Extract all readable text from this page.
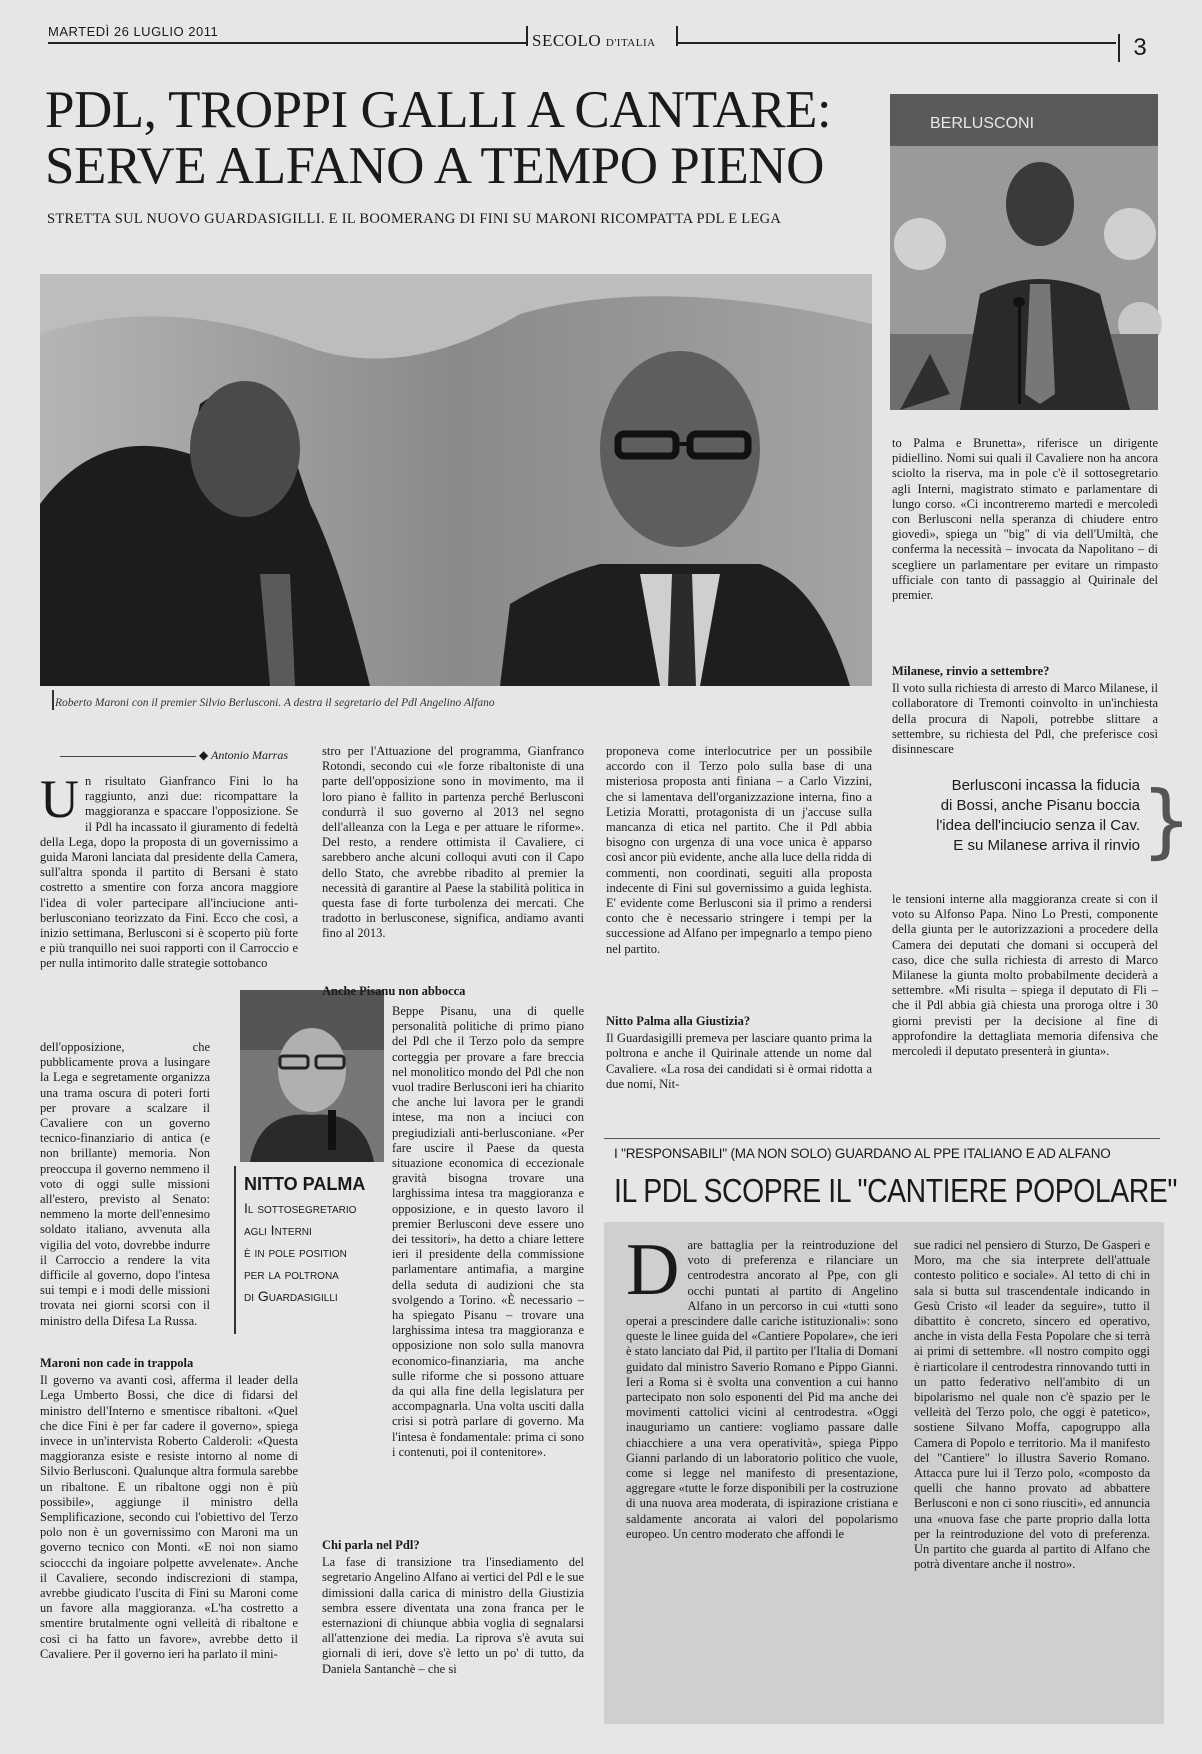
MARTEDÌ 26 LUGLIO 2011	SECOLO D'ITALIA	3
PDL, TROPPI GALLI A CANTARE:
SERVE ALFANO A TEMPO PIENO
STRETTA SUL NUOVO GUARDASIGILLI. E IL BOOMERANG DI FINI SU MARONI RICOMPATTA PDL E LEGA
BERLUSCONI
Roberto Maroni con il premier Silvio Berlusconi. A destra il segretario del Pdl Angelino Alfano
◆ Antonio Marras
U n risultato Gianfranco Fini lo ha raggiunto, anzi due: ricompattare la maggioranza e spaccare l'opposizione. Se il Pdl ha incassato il giuramento di fedeltà della Lega, dopo la proposta di un governissimo a guida Maroni lanciata dal presidente della Camera, sull'altra sponda il partito di Bersani è stato costretto a smentire con forza ancora maggiore l'idea di voler partecipare all'inciucione anti-berlusconiano teorizzato da Fini. Ecco che così, a inizio settimana, Berlusconi si è scoperto più forte e più tranquillo nei suoi rapporti con il Carroccio e per nulla intimorito dalle strategie sottobanco

dell'opposizione, che pubblicamente prova a lusingare la Lega e segretamente organizza una trama oscura di poteri forti per provare a scalzare il Cavaliere con un governo tecnico-finanziario di antica (e non brillante) memoria. Non preoccupa il governo nemmeno il voto di oggi sulle missioni all'estero, previsto al Senato: nemmeno la morte dell'ennesimo soldato italiano, avvenuta alla vigilia del voto, dovrebbe indurre il Carroccio a rendere la vita difficile al governo, dopo l'intesa sui tempi e i modi delle missioni trovata nei giorni scorsi con il ministro della Difesa La Russa.

Maroni non cade in trappola

Il governo va avanti così, afferma il leader della Lega Umberto Bossi, che dice di fidarsi del ministro dell'Interno e smentisce ribaltoni. «Quel che dice Fini è per far cadere il governo», spiega invece in un'intervista Roberto Calderoli: «Questa maggioranza esiste e resiste intorno al nome di Silvio Berlusconi. Qualunque altra formula sarebbe un ribaltone. E un ribaltone oggi non è più possibile», aggiunge il ministro della Semplificazione, secondo cui l'obiettivo del Terzo polo non è un governissimo con Maroni ma un governo tecnico con Monti. «E noi non siamo scioccchi da ingoiare polpette avvelenate». Anche il Cavaliere, secondo indiscrezioni di stampa, avrebbe giudicato l'uscita di Fini su Maroni come un favore alla maggioranza. «L'ha costretto a smentire brutalmente ogni velleità di ribaltone e così ci ha fatto un favore», avrebbe detto il Cavaliere. Per il governo ieri ha parlato il mini-

NITTO PALMA
Il sottosegretario
agli Interni
è in pole position
per la poltrona
di Guardasigilli

stro per l'Attuazione del programma, Gianfranco Rotondi, secondo cui «le forze ribaltoniste di una parte dell'opposizione sono in movimento, ma il loro piano è fallito in partenza perché Berlusconi condurrà il suo governo al 2013 nel segno dell'alleanza con la Lega e per attuare le riforme». Del resto, a rendere ottimista il Cavaliere, ci sarebbero anche alcuni colloqui avuti con il Capo dello Stato, che avrebbe ribadito al premier la necessità di garantire al Paese la stabilità politica in questa fase di forte turbolenza dei mercati. Che tradotto in berlusconese, significa, andiamo avanti fino al 2013.

Anche Pisanu non abbocca

Beppe Pisanu, una di quelle personalità politiche di primo piano del Pdl che il Terzo polo da sempre corteggia per provare a fare breccia nel monolitico mondo del Pdl che non vuol tradire Berlusconi ieri ha chiarito che anche lui lavora per le grandi intese, ma non a inciuci con pregiudiziali anti-berlusconiane. «Per fare uscire il Paese da questa situazione economica di eccezionale gravità bisogna trovare una larghissima intesa tra maggioranza e opposizione, e in questo lavoro il premier Berlusconi deve essere uno dei tessitori», ha detto a chiare lettere ieri il presidente della commissione parlamentare antimafia, a margine della seduta di audizioni che sta svolgendo a Torino. «È necessario – ha spiegato Pisanu – trovare una larghissima intesa tra maggioranza e opposizione non solo sulla manovra economico-finanziaria, ma anche sulle riforme che si possono attuare da qui alla fine della legislatura per accompagnarla. Una volta usciti dalla crisi si potrà parlare di governo. Ma l'intesa è fondamentale: prima ci sono i contenuti, poi il contenitore».

Chi parla nel Pdl?

La fase di transizione tra l'insediamento del segretario Angelino Alfano ai vertici del Pdl e le sue dimissioni dalla carica di ministro della Giustizia sembra essere diventata una zona franca per le esternazioni di chiunque abbia voglia di segnalarsi all'attenzione dei media. La riprova s'è avuta sui giornali di ieri, dove s'è letto un po' di tutto, da Daniela Santanchè – che si

proponeva come interlocutrice per un possibile accordo con il Terzo polo sulla base di una misteriosa proposta anti finiana – a Carlo Vizzini, che si lamentava dell'organizzazione interna, fino a Letizia Moratti, protagonista di un j'accuse sulla mancanza di etica nel partito. Che il Pdl abbia bisogno con urgenza di una voce unica è apparso così ancor più evidente, anche alla luce della ridda di commenti, non coordinati, seguiti alla proposta indecente di Fini sul governissimo a guida leghista. E' evidente come Berlusconi sia il primo a rendersi conto che è necessario stringere i tempi per la successione ad Alfano per impegnarlo a tempo pieno nel partito.

Nitto Palma alla Giustizia?

Il Guardasigilli premeva per lasciare quanto prima la poltrona e anche il Quirinale attende un nome dal Cavaliere. «La rosa dei candidati si è ormai ridotta a due nomi, Nit-

to Palma e Brunetta», riferisce un dirigente pidiellino. Nomi sui quali il Cavaliere non ha ancora sciolto la riserva, ma in pole c'è il sottosegretario agli Interni, magistrato stimato e parlamentare di lungo corso. «Ci incontreremo martedì e mercoledì con Berlusconi nella speranza di chiudere entro giovedì», spiega un "big" di via dell'Umiltà, che conferma la necessità – invocata da Napolitano – di scegliere un parlamentare per evitare un rimpasto ufficiale con tanto di passaggio al Quirinale del premier.

Milanese, rinvio a settembre?

Il voto sulla richiesta di arresto di Marco Milanese, il collaboratore di Tremonti coinvolto in un'inchiesta della procura di Napoli, potrebbe slittare a settembre, su richiesta del Pdl, che preferisce così disinnescare

le tensioni interne alla maggioranza create si con il voto su Alfonso Papa. Nino Lo Presti, componente della giunta per le autorizzazioni a procedere della Camera dei deputati che domani si occuperà del caso, dice che sulla richiesta di arresto di Marco Milanese la giunta molto probabilmente deciderà a settembre. «Mi risulta – spiega il deputato di Fli – che il Pdl abbia già chiesta una proroga oltre i 30 giorni previsti per la decisione al fine di approfondire la dettagliata memoria difensiva che mercoledì il deputato presenterà in giunta».

Berlusconi incassa la fiducia
di Bossi, anche Pisanu boccia
l'idea dell'inciucio senza il Cav.
E su Milanese arriva il rinvio }
I "RESPONSABILI" (MA NON SOLO) GUARDANO AL PPE ITALIANO E AD ALFANO
IL PDL SCOPRE IL "CANTIERE POPOLARE"
D are battaglia per la reintroduzione del voto di preferenza e rilanciare un centrodestra ancorato al Ppe, con gli occhi puntati al partito di Angelino Alfano in un percorso in cui «tutti sono operai a prescindere dalle cariche istituzionali»: sono queste le linee guida del «Cantiere Popolare», che ieri è stato lanciato dal Pid, il partito per l'Italia di Domani guidato dal ministro Saverio Romano e Pippo Gianni. Ieri a Roma si è svolta una convention a cui hanno partecipato non solo esponenti del Pid ma anche dei movimenti cattolici vicini al centrodestra. «Oggi inauguriamo un cantiere: vogliamo passare dalle chiacchiere a una vera operatività», spiega Pippo Gianni parlando di un laboratorio politico che vuole, come si legge nel manifesto di presentazione, aggregare «tutte le forze disponibili per la costruzione di una nuova area moderata, di ispirazione cristiana e saldamente ancorata ai valori del popolarismo europeo. Un centro moderato che affondi le

sue radici nel pensiero di Sturzo, De Gasperi e Moro, ma che sia interprete dell'attuale contesto politico e sociale». Al tetto di chi in sala si butta sul trascendentale indicando in Gesù Cristo «il leader da seguire», tutto il dibattito è concreto, sincero ed operativo, anche in vista della Festa Popolare che si terrà ai primi di settembre. «Il nostro compito oggi è riarticolare il centrodestra rinnovando tutti in un patto federativo nell'ambito di un bipolarismo nel quale non c'è spazio per le velleità del Terzo polo, che oggi è patetico», sostiene Silvano Moffa, capogruppo alla Camera di Popolo e territorio. Ma il manifesto del "Cantiere" lo illustra Saverio Romano. Attacca pure lui il Terzo polo, «composto da quelli che hanno provato ad abbattere Berlusconi e non ci sono riusciti», ed annuncia una «nuova fase che parte proprio dalla lotta per la reintroduzione del voto di preferenza. Un partito che guarda al partito di Alfano che potrà diventare anche il nostro».
